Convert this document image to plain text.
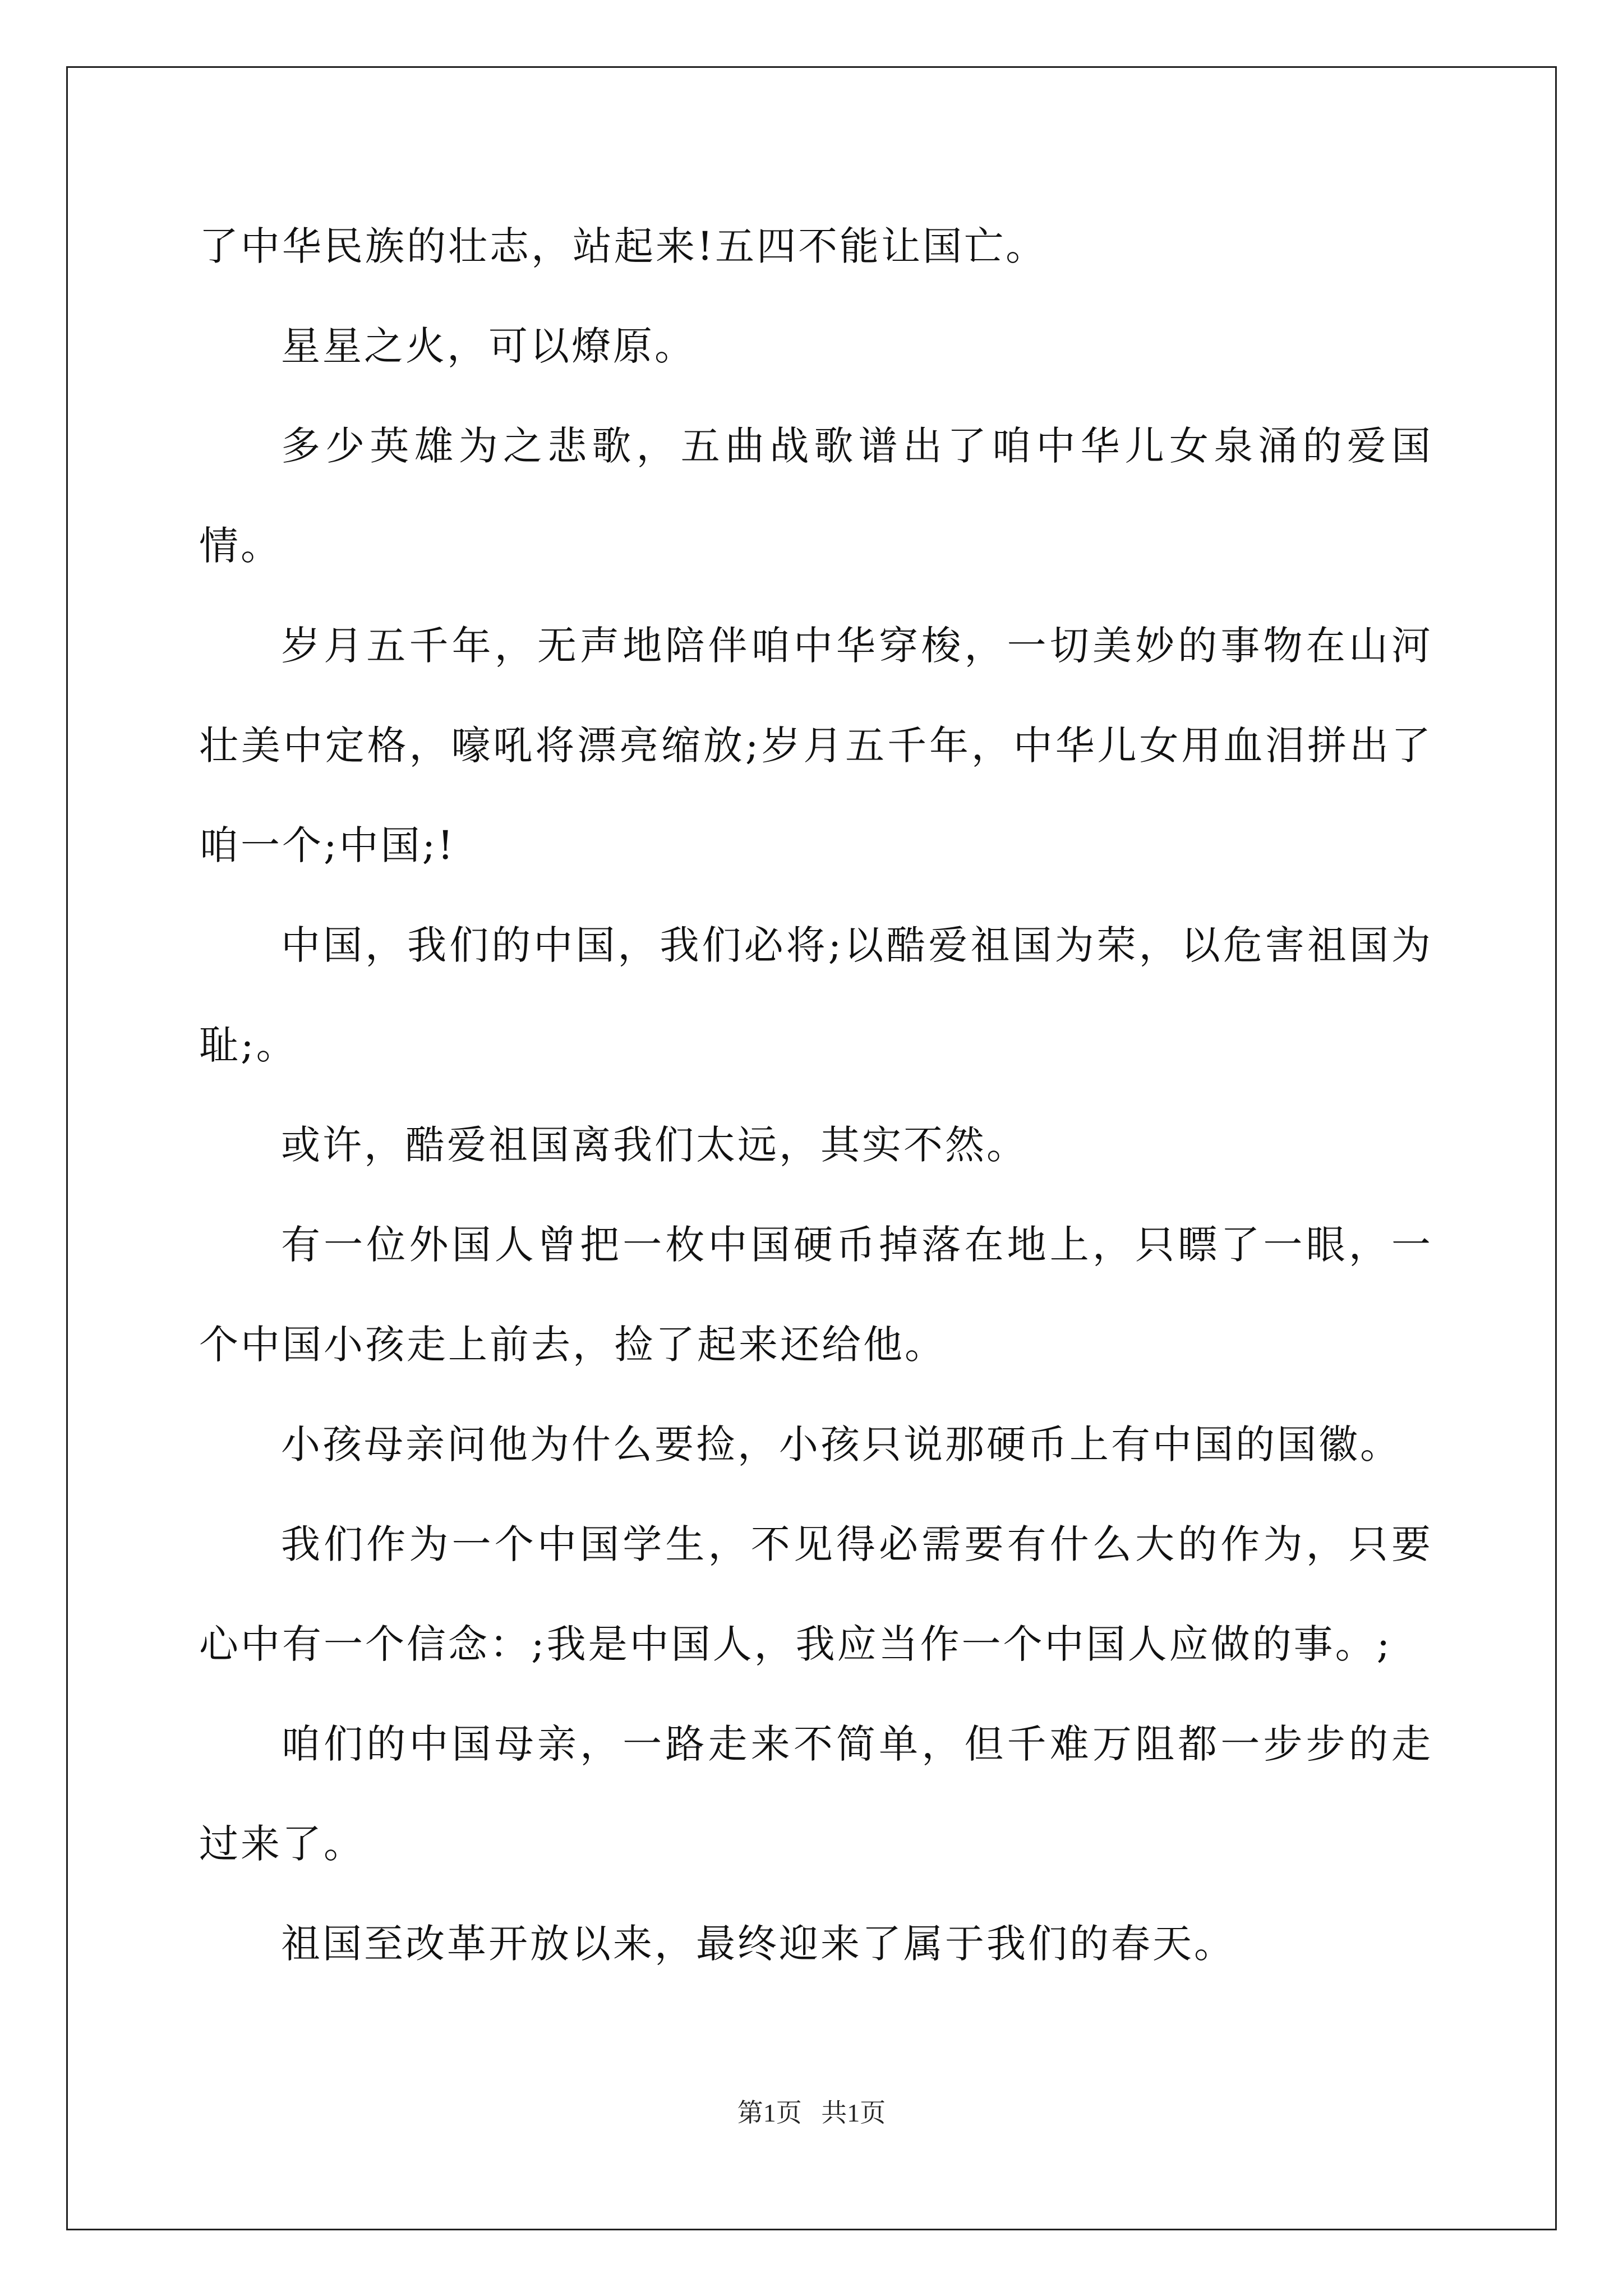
了中华民族的壮志，站起来!五四不能让国亡。

星星之火，可以燎原。

多少英雄为之悲歌，五曲战歌谱出了咱中华儿女泉涌的爱国情。

岁月五千年，无声地陪伴咱中华穿梭，一切美妙的事物在山河壮美中定格，嚎吼将漂亮缩放;岁月五千年，中华儿女用血泪拼出了咱一个;中国;!

中国，我们的中国，我们必将;以酷爱祖国为荣，以危害祖国为耻;。

或许，酷爱祖国离我们太远，其实不然。

有一位外国人曾把一枚中国硬币掉落在地上，只瞟了一眼，一个中国小孩走上前去，捡了起来还给他。

小孩母亲问他为什么要捡，小孩只说那硬币上有中国的国徽。

我们作为一个中国学生，不见得必需要有什么大的作为，只要心中有一个信念：;我是中国人，我应当作一个中国人应做的事。;

咱们的中国母亲，一路走来不简单，但千难万阻都一步步的走过来了。

祖国至改革开放以来，最终迎来了属于我们的春天。

第1页   共1页
